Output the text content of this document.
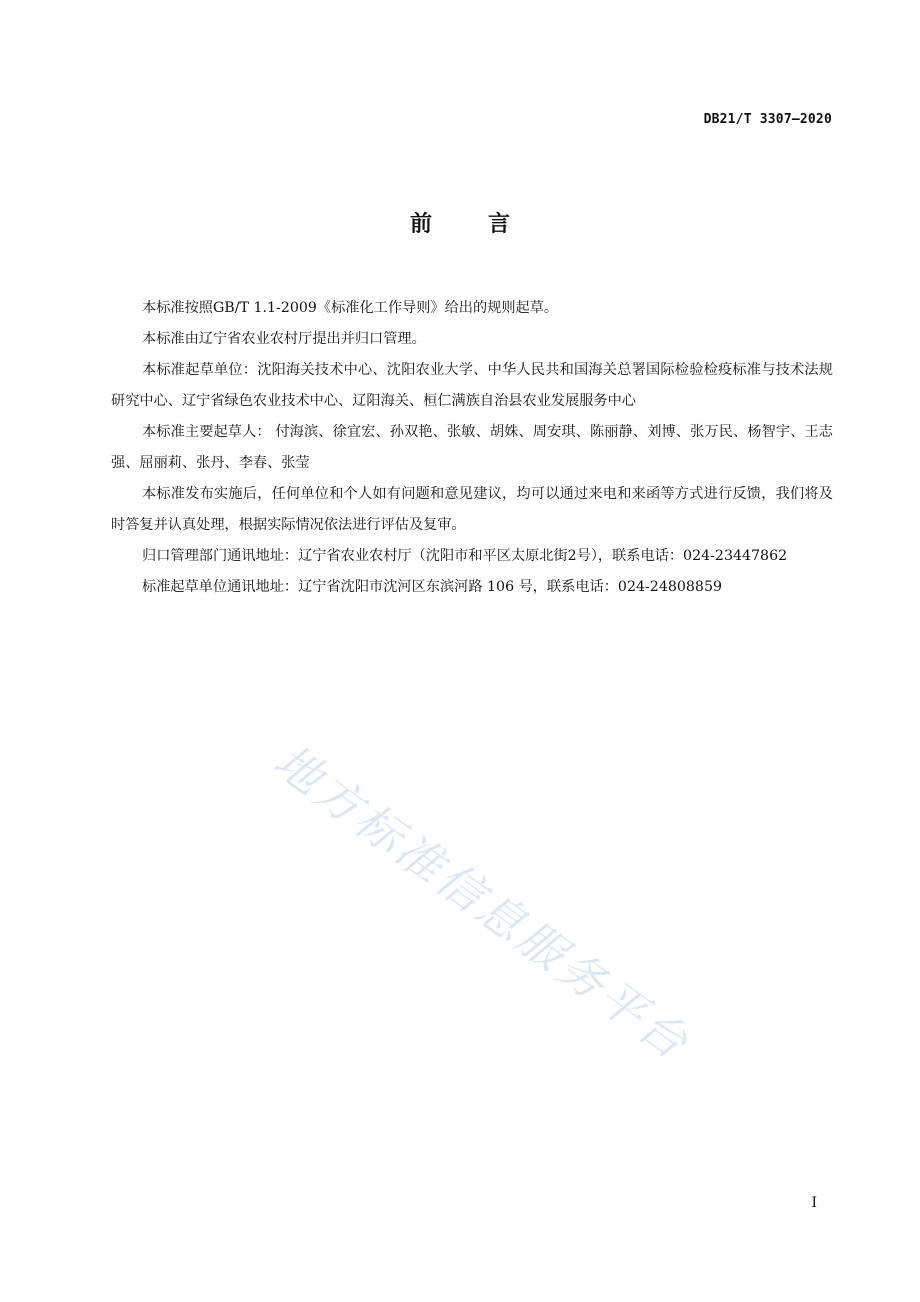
DB21/T 3307—2020
前	言

本标准按照GB/T 1.1-2009《标准化工作导则》给出的规则起草。

本标准由辽宁省农业农村厅提出并归口管理。

本标准起草单位：沈阳海关技术中心、沈阳农业大学、中华人民共和国海关总署国际检验检疫标准与技术法规研究中心、辽宁省绿色农业技术中心、辽阳海关、桓仁满族自治县农业发展服务中心

本标准主要起草人： 付海滨、徐宜宏、孙双艳、张敏、胡姝、周安琪、陈丽静、刘博、张万民、杨智宇、王志强、屈丽莉、张丹、李春、张莹

本标准发布实施后，任何单位和个人如有问题和意见建议，均可以通过来电和来函等方式进行反馈，我们将及时答复并认真处理，根据实际情况依法进行评估及复审。

归口管理部门通讯地址：辽宁省农业农村厅（沈阳市和平区太原北街2号），联系电话：024-23447862

标准起草单位通讯地址：辽宁省沈阳市沈河区东滨河路 106 号，联系电话：024-24808859

地方标准信息服务平台
I
